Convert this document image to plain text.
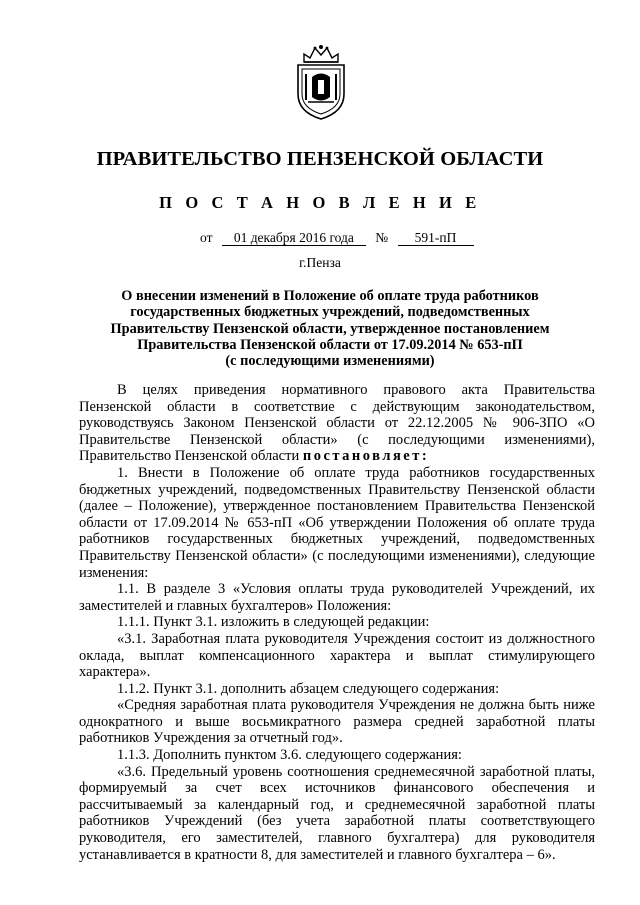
ПРАВИТЕЛЬСТВО ПЕНЗЕНСКОЙ ОБЛАСТИ
П О С Т А Н О В Л Е Н И Е
от 01 декабря 2016 года № 591-пП
г.Пенза
О внесении изменений в Положение об оплате труда работников
государственных бюджетных учреждений, подведомственных
Правительству Пензенской области, утвержденное постановлением
Правительства Пензенской области от 17.09.2014 № 653-пП
(с последующими изменениями)

В целях приведения нормативного правового акта Правительства Пензенской области в соответствие с действующим законодательством, руководствуясь Законом Пензенской области от 22.12.2005 № 906-ЗПО «О Правительстве Пензенской области» (с последующими изменениями), Правительство Пензенской области постановляет:

1. Внести в Положение об оплате труда работников государственных бюджетных учреждений, подведомственных Правительству Пензенской области (далее – Положение), утвержденное постановлением Правительства Пензенской области от 17.09.2014 № 653-пП «Об утверждении Положения об оплате труда работников государственных бюджетных учреждений, подведомственных Правительству Пензенской области» (с последующими изменениями), следующие изменения:

1.1. В разделе 3 «Условия оплаты труда руководителей Учреждений, их заместителей и главных бухгалтеров» Положения:

1.1.1. Пункт 3.1. изложить в следующей редакции:

«3.1. Заработная плата руководителя Учреждения состоит из должностного оклада, выплат компенсационного характера и выплат стимулирующего характера».

1.1.2. Пункт 3.1. дополнить абзацем следующего содержания:

«Средняя заработная плата руководителя Учреждения не должна быть ниже однократного и выше восьмикратного размера средней заработной платы работников Учреждения за отчетный год».

1.1.3. Дополнить пунктом 3.6. следующего содержания:

«3.6. Предельный уровень соотношения среднемесячной заработной платы, формируемый за счет всех источников финансового обеспечения и рассчитываемый за календарный год, и среднемесячной заработной платы работников Учреждений (без учета заработной платы соответствующего руководителя, его заместителей, главного бухгалтера) для руководителя устанавливается в кратности 8, для заместителей и главного бухгалтера – 6».
